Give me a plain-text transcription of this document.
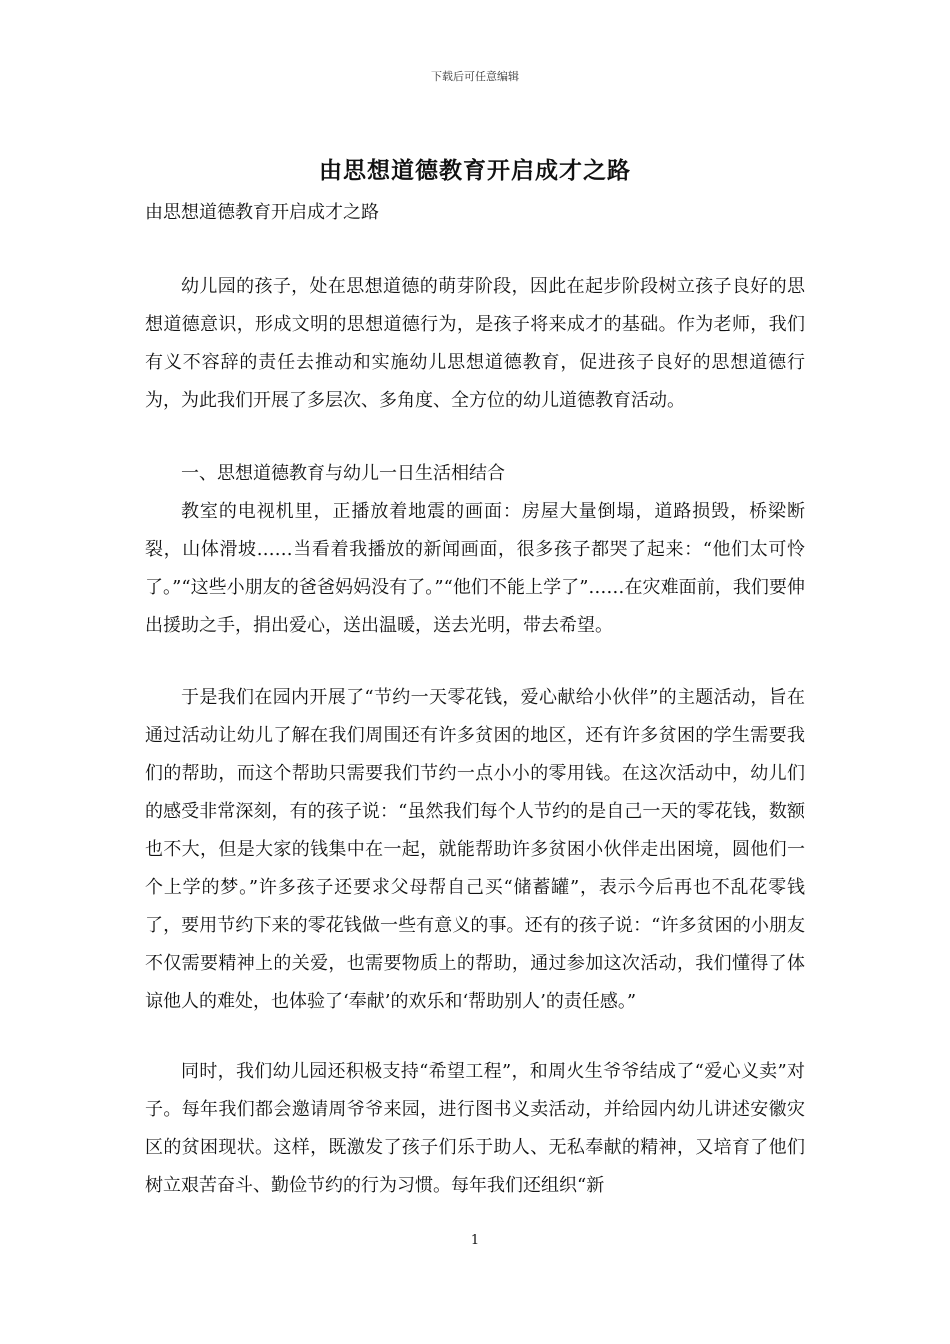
下载后可任意编辑
由思想道德教育开启成才之路
由思想道德教育开启成才之路

幼儿园的孩子，处在思想道德的萌芽阶段，因此在起步阶段树立孩子良好的思想道德意识，形成文明的思想道德行为，是孩子将来成才的基础。作为老师，我们有义不容辞的责任去推动和实施幼儿思想道德教育，促进孩子良好的思想道德行为，为此我们开展了多层次、多角度、全方位的幼儿道德教育活动。

一、思想道德教育与幼儿一日生活相结合

教室的电视机里，正播放着地震的画面：房屋大量倒塌，道路损毁，桥梁断裂，山体滑坡……当看着我播放的新闻画面，很多孩子都哭了起来：“他们太可怜了。”“这些小朋友的爸爸妈妈没有了。”“他们不能上学了”……在灾难面前，我们要伸出援助之手，捐出爱心，送出温暖，送去光明，带去希望。

于是我们在园内开展了“节约一天零花钱，爱心献给小伙伴”的主题活动，旨在通过活动让幼儿了解在我们周围还有许多贫困的地区，还有许多贫困的学生需要我们的帮助，而这个帮助只需要我们节约一点小小的零用钱。在这次活动中，幼儿们的感受非常深刻，有的孩子说：“虽然我们每个人节约的是自己一天的零花钱，数额也不大，但是大家的钱集中在一起，就能帮助许多贫困小伙伴走出困境，圆他们一个上学的梦。”许多孩子还要求父母帮自己买“储蓄罐”，表示今后再也不乱花零钱了，要用节约下来的零花钱做一些有意义的事。还有的孩子说：“许多贫困的小朋友不仅需要精神上的关爱，也需要物质上的帮助，通过参加这次活动，我们懂得了体谅他人的难处，也体验了‘奉献’的欢乐和‘帮助别人’的责任感。”

同时，我们幼儿园还积极支持“希望工程”，和周火生爷爷结成了“爱心义卖”对子。每年我们都会邀请周爷爷来园，进行图书义卖活动，并给园内幼儿讲述安徽灾区的贫困现状。这样，既激发了孩子们乐于助人、无私奉献的精神，又培育了他们树立艰苦奋斗、勤俭节约的行为习惯。每年我们还组织“新

1
